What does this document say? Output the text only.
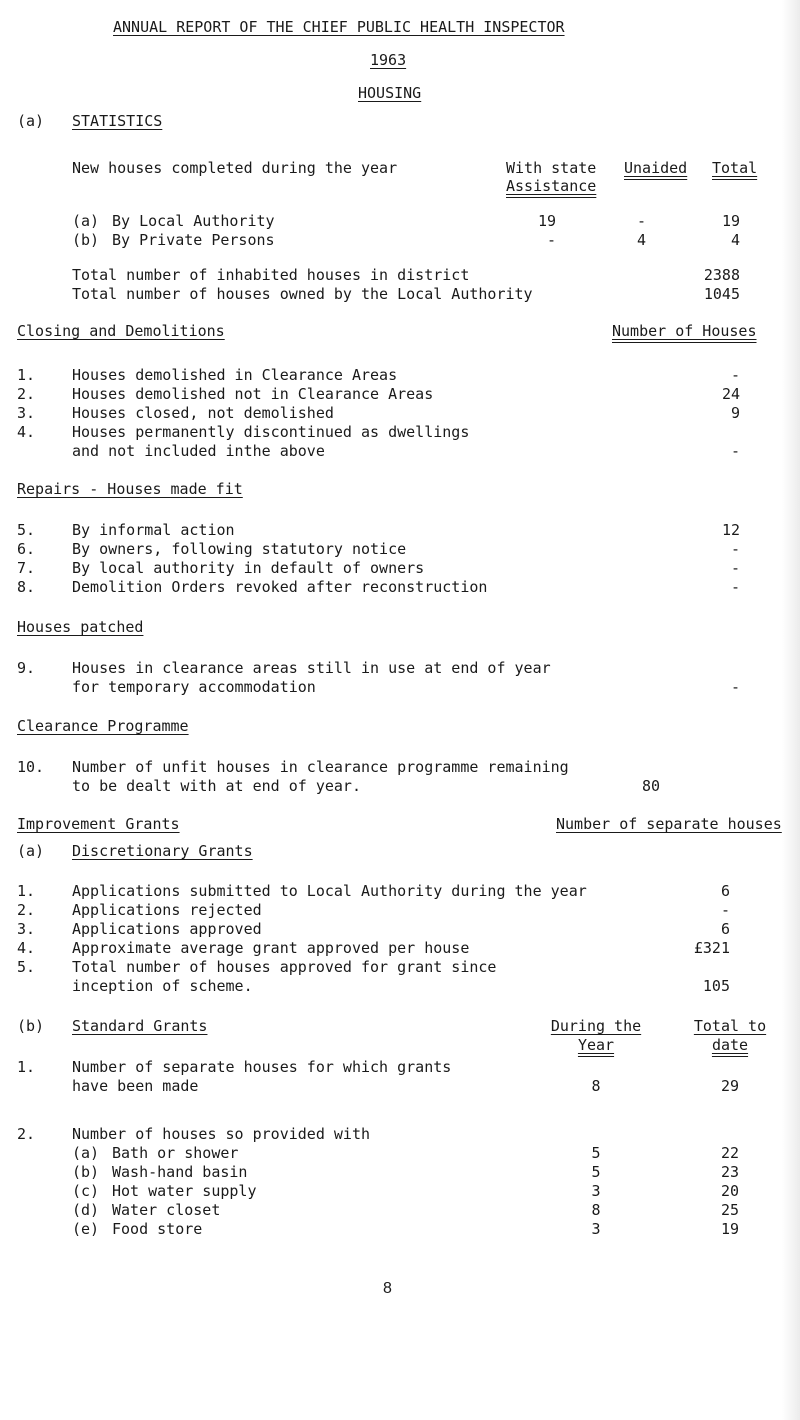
ANNUAL REPORT OF THE CHIEF PUBLIC HEALTH INSPECTOR
1963
HOUSING
(a) STATISTICS
New houses completed during the year	With state
Assistance
Unaided Total
(a) By Local Authority	19	-	19
(b) By Private Persons	-	4	4
Total number of inhabited houses in district	2388
Total number of houses owned by the Local Authority	1045
Closing and Demolitions	Number of Houses
1. Houses demolished in Clearance Areas	-
2. Houses demolished not in Clearance Areas	24
3. Houses closed, not demolished	9
4. Houses permanently discontinued as dwellings
and not included inthe above	-
Repairs - Houses made fit
5. By informal action	12
6. By owners, following statutory notice	-
7. By local authority in default of owners	-
8. Demolition Orders revoked after reconstruction	-
Houses patched
9. Houses in clearance areas still in use at end of year
for temporary accommodation	-
Clearance Programme
10. Number of unfit houses in clearance programme remaining
to be dealt with at end of year.	80
Improvement Grants	Number of separate houses
(a) Discretionary Grants
1. Applications submitted to Local Authority during the year	6
2. Applications rejected	-
3. Applications approved	6
4. Approximate average grant approved per house	£321
5. Total number of houses approved for grant since
inception of scheme.	105
(b) Standard Grants	During the
Year
Total to
date
1. Number of separate houses for which grants
have been made	8	29
2. Number of houses so provided with
(a) Bath or shower	5	22
(b) Wash-hand basin	5	23
(c) Hot water supply	3	20
(d) Water closet	8	25
(e) Food store	3	19
8
